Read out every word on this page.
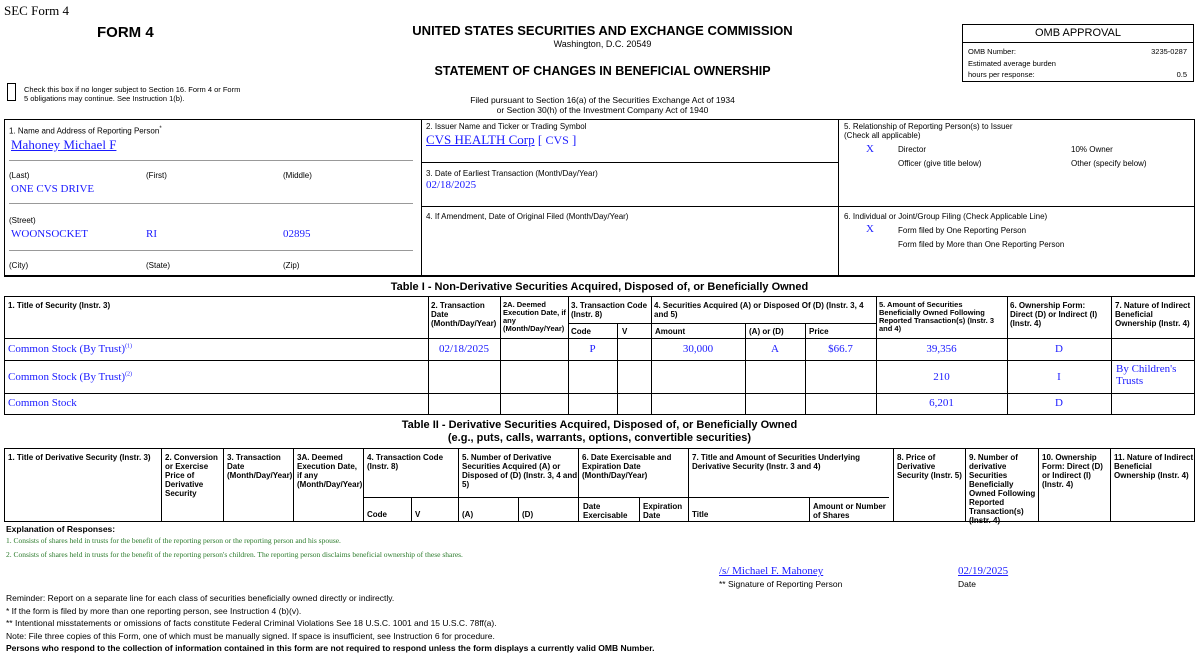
SEC Form 4
FORM 4	UNITED STATES SECURITIES AND EXCHANGE COMMISSION
Washington, D.C. 20549
STATEMENT OF CHANGES IN BENEFICIAL OWNERSHIP
OMB APPROVAL
OMB Number:	3235-0287
Estimated average burden
hours per response:	0.5
Check this box if no longer subject to Section 16. Form 4 or Form
5 obligations may continue. See Instruction 1(b).	Filed pursuant to Section 16(a) of the Securities Exchange Act of 1934
or Section 30(h) of the Investment Company Act of 1940
1. Name and Address of Reporting Person*
Mahoney Michael F
(Last)	(First)	(Middle)
ONE CVS DRIVE
(Street)
WOONSOCKET	RI	02895
(City)	(State)	(Zip)
2. Issuer Name and Ticker or Trading Symbol
CVS HEALTH Corp [ CVS ]
3. Date of Earliest Transaction (Month/Day/Year)
02/18/2025
4. If Amendment, Date of Original Filed (Month/Day/Year)
5. Relationship of Reporting Person(s) to Issuer
(Check all applicable)
X	Director	10% Owner
Officer (give title below)	Other (specify below)
6. Individual or Joint/Group Filing (Check Applicable Line)
X	Form filed by One Reporting Person
Form filed by More than One Reporting Person
Table I - Non-Derivative Securities Acquired, Disposed of, or Beneficially Owned
1. Title of Security (Instr. 3)	2. Transaction Date (Month/Day/Year)
2A. Deemed Execution Date, if any (Month/Day/Year)
3. Transaction Code (Instr. 8)
4. Securities Acquired (A) or Disposed Of (D) (Instr. 3, 4 and 5)
5. Amount of Securities Beneficially Owned Following Reported Transaction(s) (Instr. 3 and 4)
6. Ownership Form: Direct (D) or Indirect (I) (Instr. 4)
7. Nature of Indirect Beneficial Ownership (Instr. 4)
Code	V	Amount	(A) or (D)	Price
Common Stock (By Trust)$^{(1)}$	02/18/2025	P	30,000	A	$66.7	39,356	D
Common Stock (By Trust)$^{(2)}$	210	I
By Children's Trusts
Common Stock	6,201	D
Table II - Derivative Securities Acquired, Disposed of, or Beneficially Owned
(e.g., puts, calls, warrants, options, convertible securities)
1. Title of Derivative Security (Instr. 3)	2. Conversion or Exercise Price of Derivative Security
3. Transaction Date (Month/Day/Year)
3A. Deemed Execution Date, if any (Month/Day/Year)
4. Transaction Code (Instr. 8)
5. Number of Derivative Securities Acquired (A) or Disposed of (D) (Instr. 3, 4 and 5)
6. Date Exercisable and Expiration Date (Month/Day/Year)
7. Title and Amount of Securities Underlying Derivative Security (Instr. 3 and 4)
8. Price of Derivative Security (Instr. 5)
9. Number of derivative Securities Beneficially Owned Following Reported Transaction(s) (Instr. 4)
10. Ownership Form: Direct (D) or Indirect (I) (Instr. 4)
11. Nature of Indirect Beneficial Ownership (Instr. 4)
Code	V	(A)	(D)
Date Exercisable
Expiration Date	Title
Amount or Number of Shares
Explanation of Responses:
1. Consists of shares held in trusts for the benefit of the reporting person or the reporting person and his spouse.
2. Consists of shares held in trusts for the benefit of the reporting person's children. The reporting person disclaims beneficial ownership of these shares.
/s/ Michael F. Mahoney
** Signature of Reporting Person
02/19/2025
Date
Reminder: Report on a separate line for each class of securities beneficially owned directly or indirectly.
* If the form is filed by more than one reporting person, see Instruction 4 (b)(v).
** Intentional misstatements or omissions of facts constitute Federal Criminal Violations See 18 U.S.C. 1001 and 15 U.S.C. 78ff(a).
Note: File three copies of this Form, one of which must be manually signed. If space is insufficient, see Instruction 6 for procedure.
Persons who respond to the collection of information contained in this form are not required to respond unless the form displays a currently valid OMB Number.
